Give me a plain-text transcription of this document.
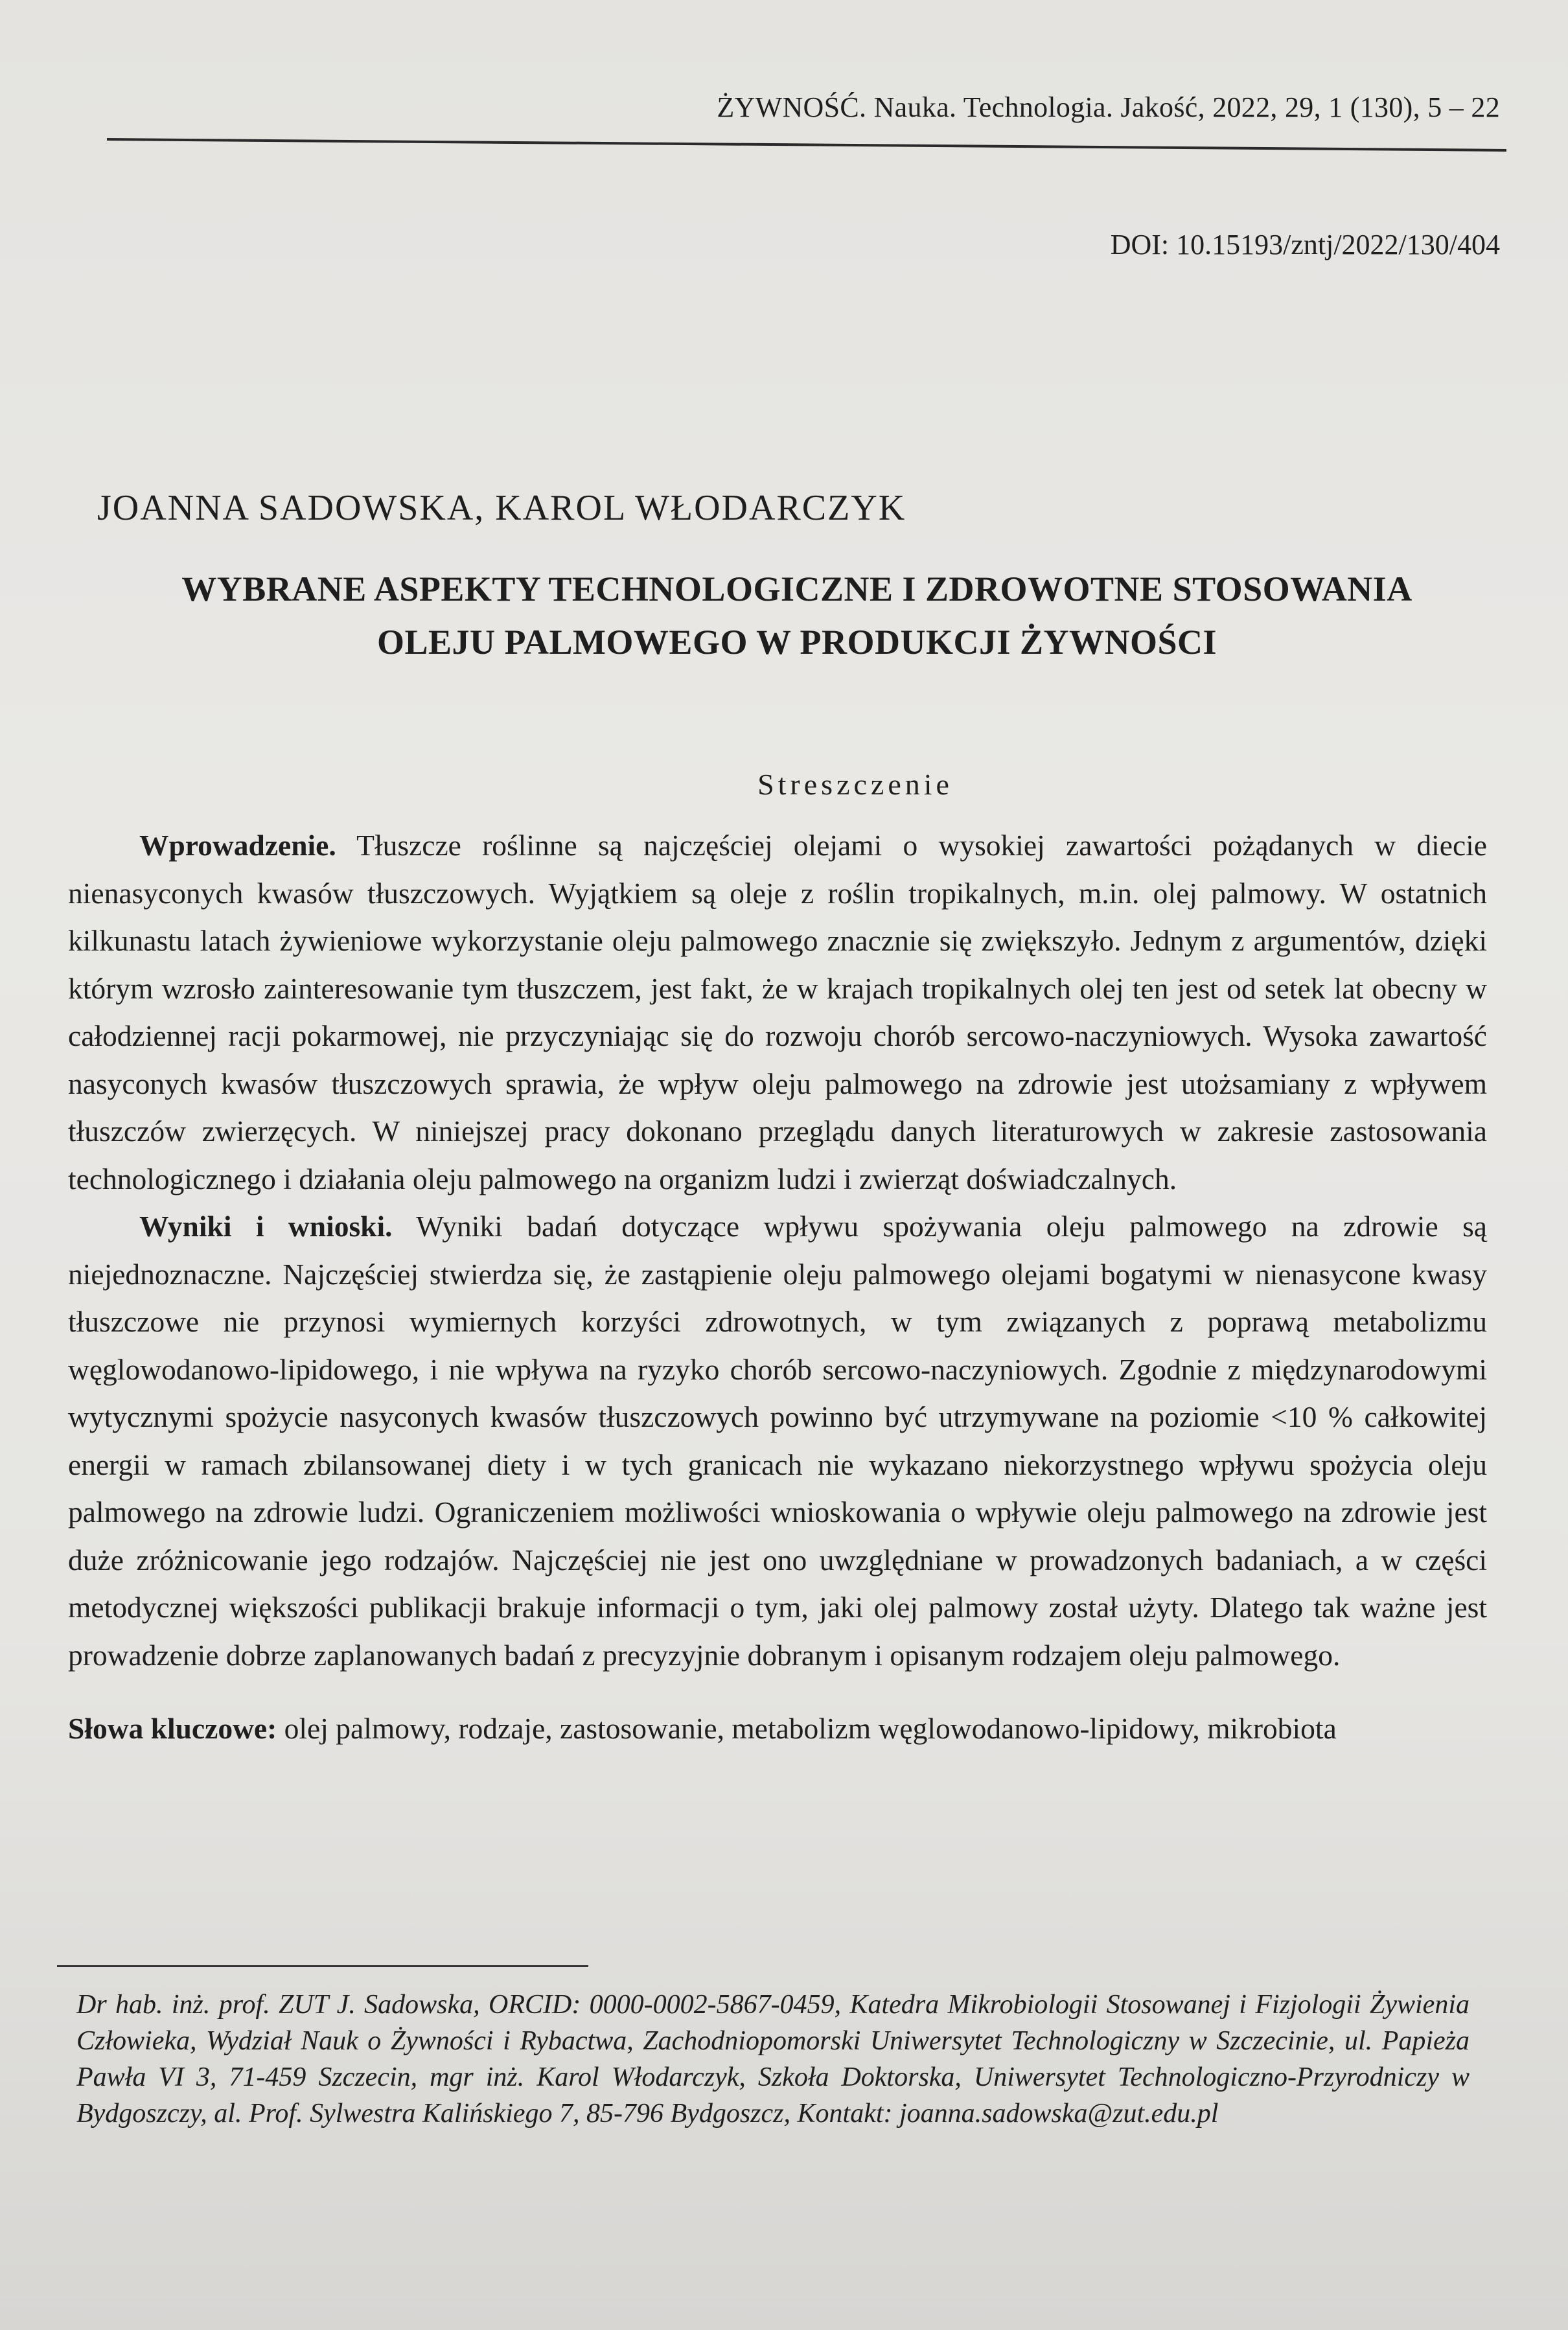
ŻYWNOŚĆ. Nauka. Technologia. Jakość, 2022, 29, 1 (130), 5 – 22
DOI: 10.15193/zntj/2022/130/404
JOANNA SADOWSKA, KAROL WŁODARCZYK
WYBRANE ASPEKTY TECHNOLOGICZNE I ZDROWOTNE STOSOWANIA
OLEJU PALMOWEGO W PRODUKCJI ŻYWNOŚCI
Streszczenie

Wprowadzenie. Tłuszcze roślinne są najczęściej olejami o wysokiej zawartości pożądanych w diecie nienasyconych kwasów tłuszczowych. Wyjątkiem są oleje z roślin tropikalnych, m.in. olej palmowy. W ostatnich kilkunastu latach żywieniowe wykorzystanie oleju palmowego znacznie się zwiększyło. Jednym z argumentów, dzięki którym wzrosło zainteresowanie tym tłuszczem, jest fakt, że w krajach tropikalnych olej ten jest od setek lat obecny w całodziennej racji pokarmowej, nie przyczyniając się do rozwoju chorób sercowo-naczyniowych. Wysoka zawartość nasyconych kwasów tłuszczowych sprawia, że wpływ oleju palmowego na zdrowie jest utożsamiany z wpływem tłuszczów zwierzęcych. W niniejszej pracy dokonano przeglądu danych literaturowych w zakresie zastosowania technologicznego i działania oleju palmowego na organizm ludzi i zwierząt doświadczalnych.

Wyniki i wnioski. Wyniki badań dotyczące wpływu spożywania oleju palmowego na zdrowie są niejednoznaczne. Najczęściej stwierdza się, że zastąpienie oleju palmowego olejami bogatymi w nienasycone kwasy tłuszczowe nie przynosi wymiernych korzyści zdrowotnych, w tym związanych z poprawą metabolizmu węglowodanowo-lipidowego, i nie wpływa na ryzyko chorób sercowo-naczyniowych. Zgodnie z międzynarodowymi wytycznymi spożycie nasyconych kwasów tłuszczowych powinno być utrzymywane na poziomie <10 % całkowitej energii w ramach zbilansowanej diety i w tych granicach nie wykazano niekorzystnego wpływu spożycia oleju palmowego na zdrowie ludzi. Ograniczeniem możliwości wnioskowania o wpływie oleju palmowego na zdrowie jest duże zróżnicowanie jego rodzajów. Najczęściej nie jest ono uwzględniane w prowadzonych badaniach, a w części metodycznej większości publikacji brakuje informacji o tym, jaki olej palmowy został użyty. Dlatego tak ważne jest prowadzenie dobrze zaplanowanych badań z precyzyjnie dobranym i opisanym rodzajem oleju palmowego.

Słowa kluczowe: olej palmowy, rodzaje, zastosowanie, metabolizm węglowodanowo-lipidowy, mikrobiota
Dr hab. inż. prof. ZUT J. Sadowska, ORCID: 0000-0002-5867-0459, Katedra Mikrobiologii Stosowanej i Fizjologii Żywienia Człowieka, Wydział Nauk o Żywności i Rybactwa, Zachodniopomorski Uniwersytet Technologiczny w Szczecinie, ul. Papieża Pawła VI 3, 71-459 Szczecin, mgr inż. Karol Włodarczyk, Szkoła Doktorska, Uniwersytet Technologiczno-Przyrodniczy w Bydgoszczy, al. Prof. Sylwestra Kalińskiego 7, 85-796 Bydgoszcz, Kontakt: joanna.sadowska@zut.edu.pl
